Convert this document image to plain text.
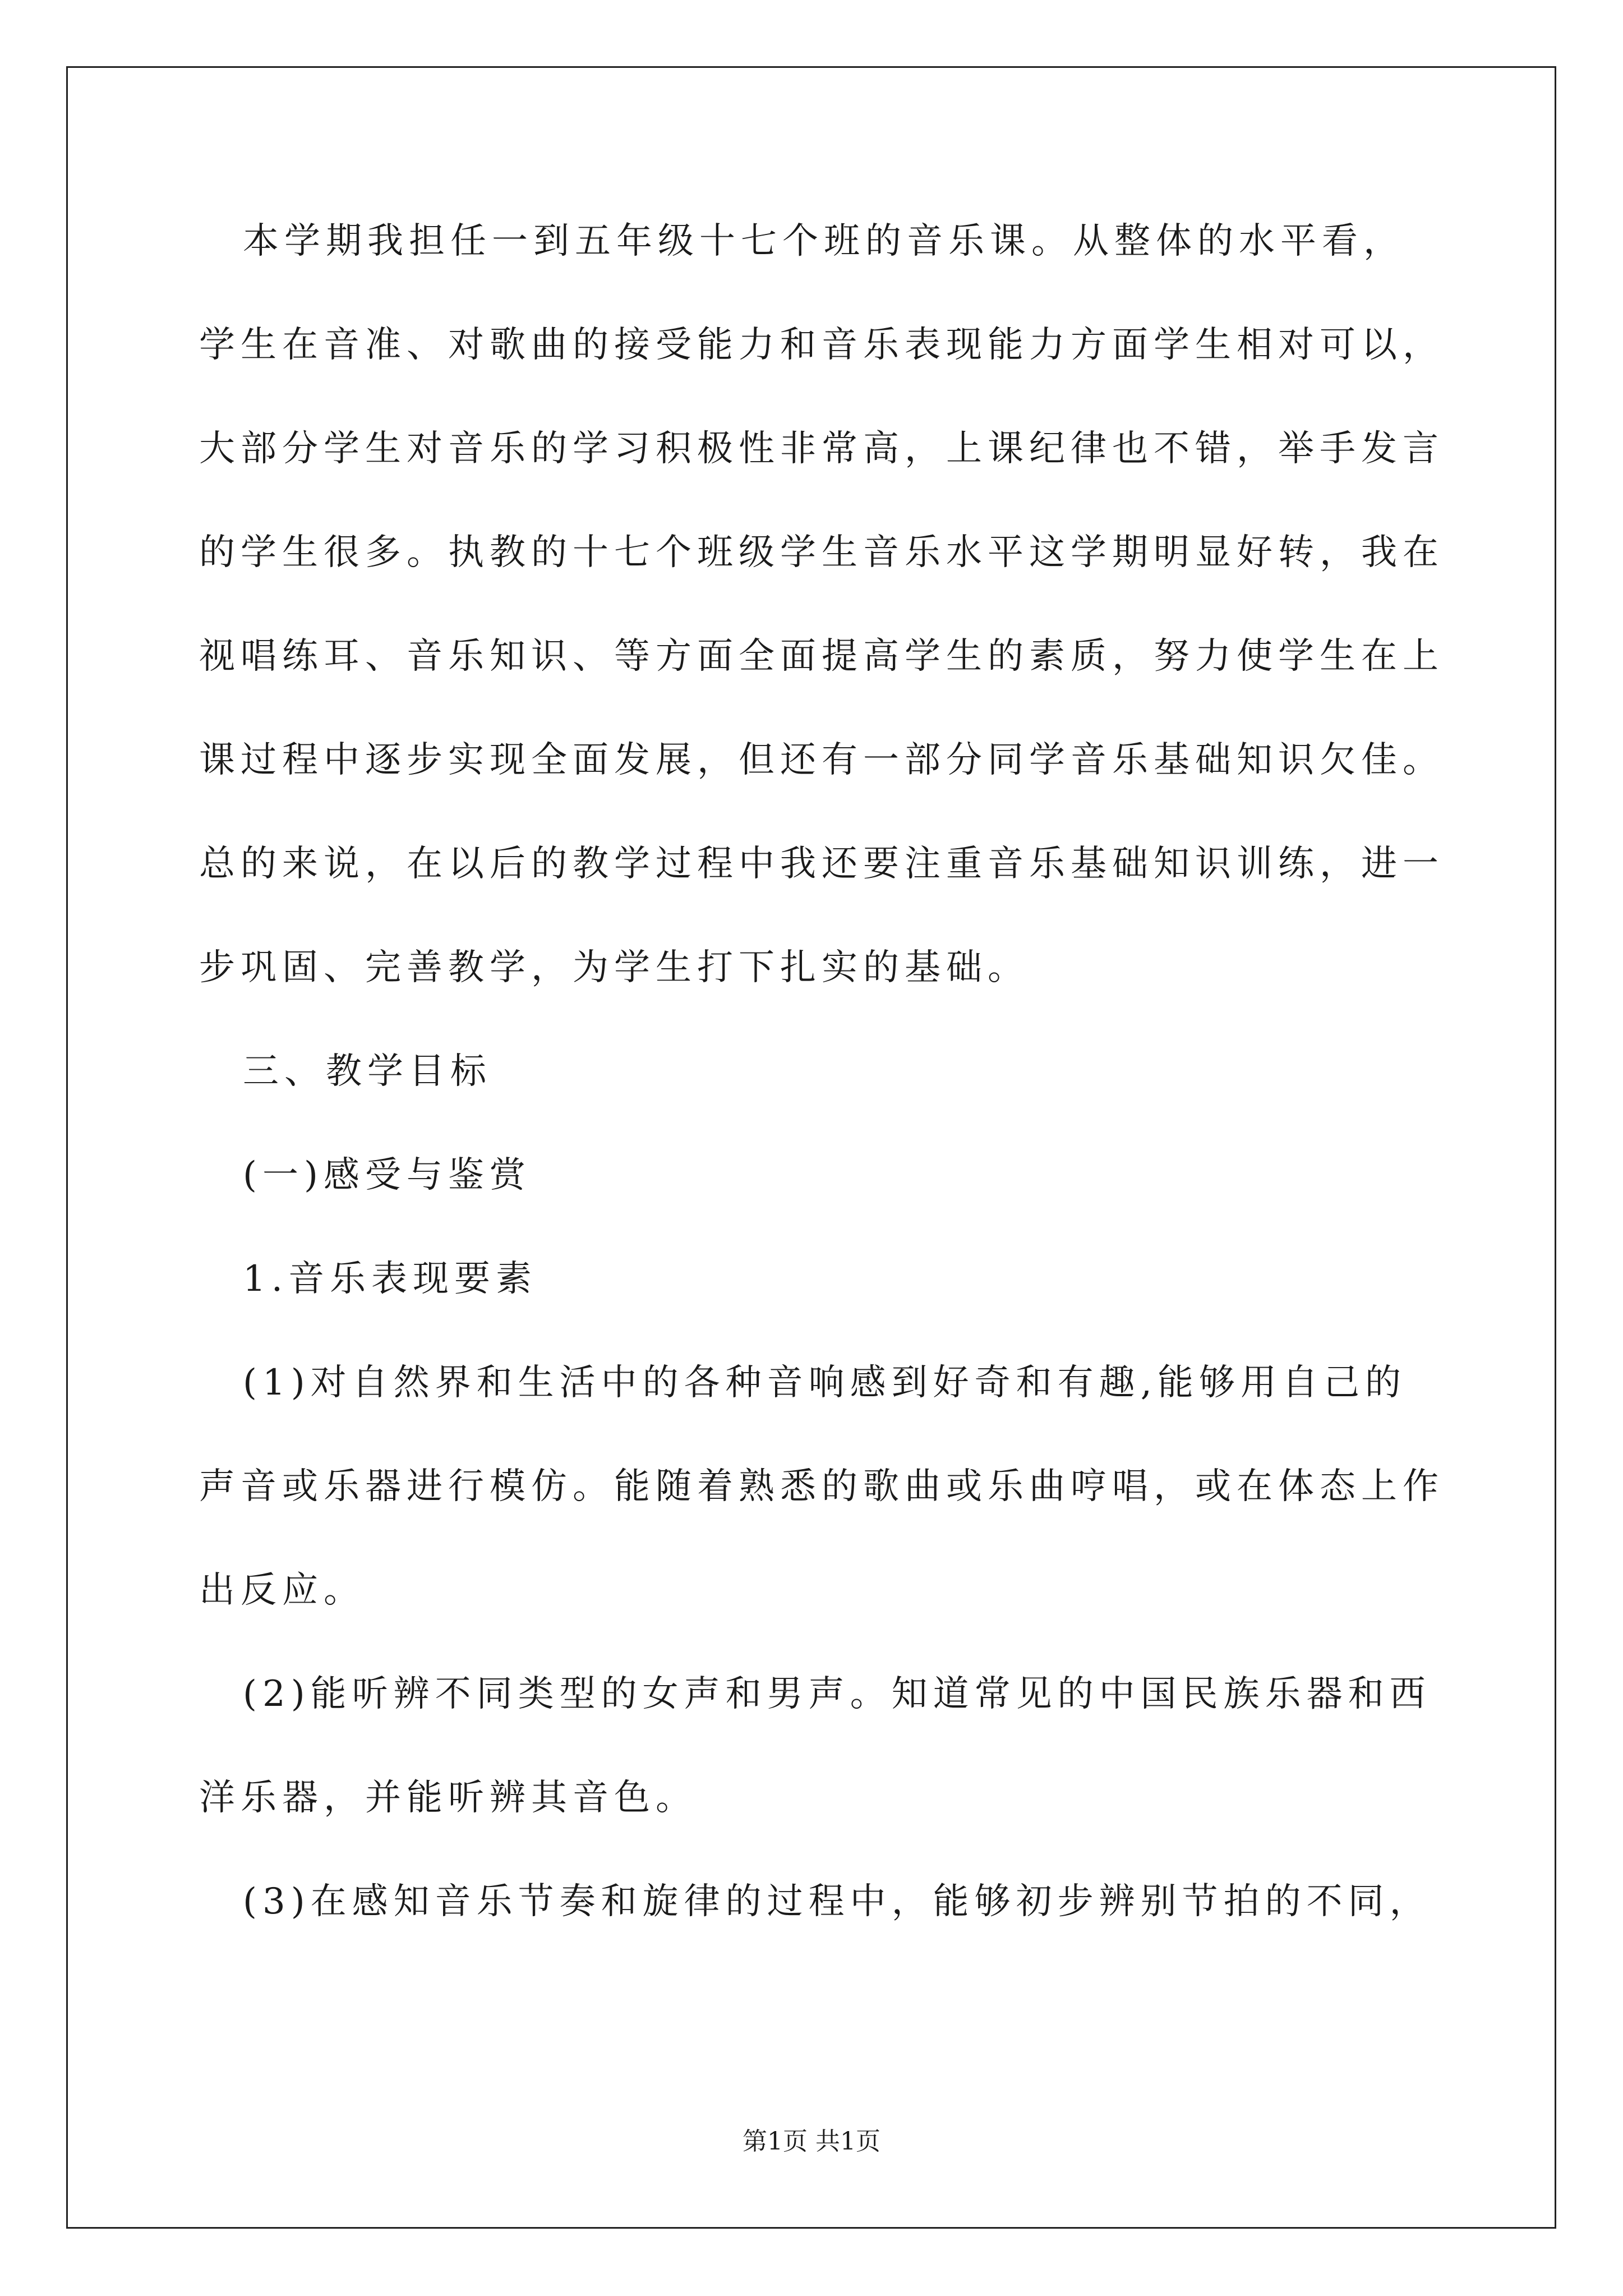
本学期我担任一到五年级十七个班的音乐课。从整体的水平看，
学生在音准、对歌曲的接受能力和音乐表现能力方面学生相对可以，
大部分学生对音乐的学习积极性非常高，上课纪律也不错，举手发言
的学生很多。执教的十七个班级学生音乐水平这学期明显好转，我在
视唱练耳、音乐知识、等方面全面提高学生的素质，努力使学生在上
课过程中逐步实现全面发展，但还有一部分同学音乐基础知识欠佳。
总的来说，在以后的教学过程中我还要注重音乐基础知识训练，进一
步巩固、完善教学，为学生打下扎实的基础。
三、教学目标
(一)感受与鉴赏
1.音乐表现要素
(1)对自然界和生活中的各种音响感到好奇和有趣,能够用自己的
声音或乐器进行模仿。能随着熟悉的歌曲或乐曲哼唱，或在体态上作
出反应。
(2)能听辨不同类型的女声和男声。知道常见的中国民族乐器和西
洋乐器，并能听辨其音色。
(3)在感知音乐节奏和旋律的过程中，能够初步辨别节拍的不同，
第1页 共1页
